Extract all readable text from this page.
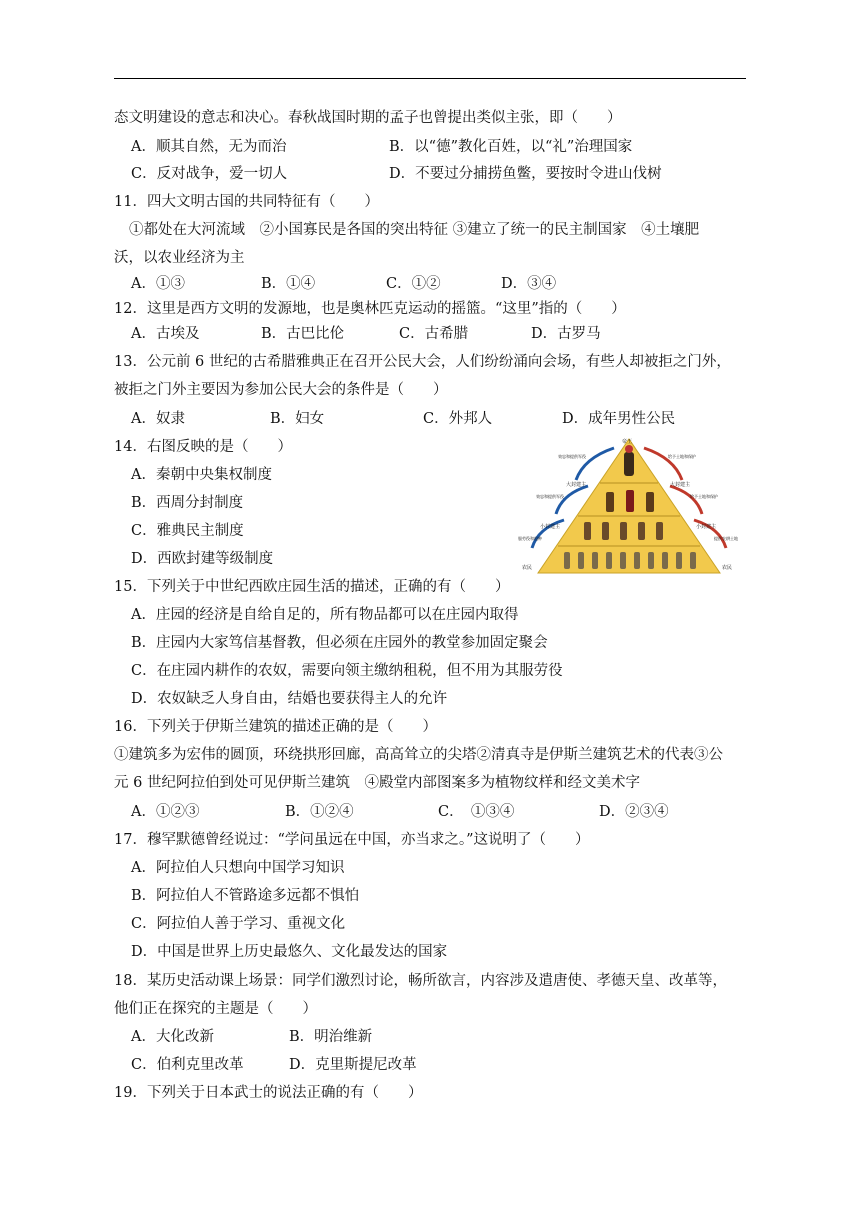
态文明建设的意志和决心。春秋战国时期的孟子也曾提出类似主张，即（　　）
A．顺其自然，无为而治	B．以“德”教化百姓，以“礼”治理国家
C．反对战争，爱一切人	D．不要过分捕捞鱼鳖，要按时令进山伐树
11．四大文明古国的共同特征有（　　）
①都处在大河流域　②小国寡民是各国的突出特征 ③建立了统一的民主制国家　④土壤肥
沃，以农业经济为主
A．①③	B．①④	C．①②	D．③④
12．这里是西方文明的发源地，也是奥林匹克运动的摇篮。“这里”指的（　　）
A．古埃及	B．古巴比伦	C．古希腊	D．古罗马
13．公元前 6 世纪的古希腊雅典正在召开公民大会，人们纷纷涌向会场，有些人却被拒之门外，
被拒之门外主要因为参加公民大会的条件是（　　）
A．奴隶	B．妇女	C．外邦人	D．成年男性公民
14．右图反映的是（　　）
A．秦朝中央集权制度
B．西周分封制度
C．雅典民主制度
D．西欧封建等级制度
帝王
大封建主	大封建主
小封建主	小封建主
农民	农民
效忠和提供军役	给予土地和保护
效忠和提供军役	给予土地和保护
服劳役和租种	提供农耕土地
15．下列关于中世纪西欧庄园生活的描述，正确的有（　　）
A．庄园的经济是自给自足的，所有物品都可以在庄园内取得
B．庄园内大家笃信基督教，但必须在庄园外的教堂参加固定聚会
C．在庄园内耕作的农奴，需要向领主缴纳租税，但不用为其服劳役
D．农奴缺乏人身自由，结婚也要获得主人的允许
16．下列关于伊斯兰建筑的描述正确的是（　　）
①建筑多为宏伟的圆顶，环绕拱形回廊，高高耸立的尖塔②清真寺是伊斯兰建筑艺术的代表③公
元 6 世纪阿拉伯到处可见伊斯兰建筑　④殿堂内部图案多为植物纹样和经文美术字
A．①②③	B．①②④	C．　①③④	D．②③④
17．穆罕默德曾经说过：“学问虽远在中国，亦当求之。”这说明了（　　）
A．阿拉伯人只想向中国学习知识
B．阿拉伯人不管路途多远都不惧怕
C．阿拉伯人善于学习、重视文化
D．中国是世界上历史最悠久、文化最发达的国家
18．某历史活动课上场景：同学们激烈讨论，畅所欲言，内容涉及遣唐使、孝德天皇、改革等，
他们正在探究的主题是（　　）
A．大化改新	B．明治维新
C．伯利克里改革	D．克里斯提尼改革
19．下列关于日本武士的说法正确的有（　　）
